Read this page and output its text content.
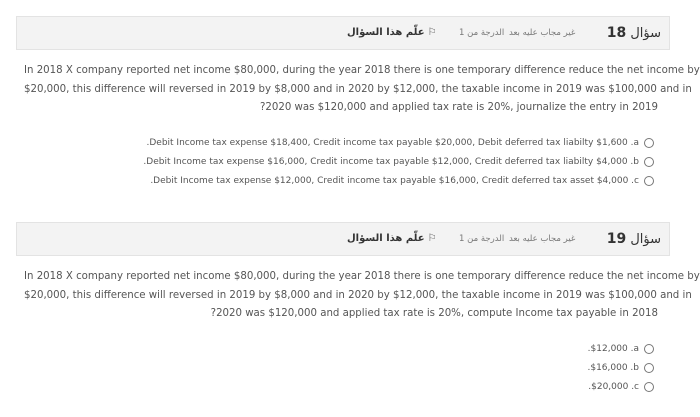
علّم هذا السؤال ⚐	الدرجة من 1 غير مجاب عليه بعد 18 سؤال
In 2018 X company reported net income $80,000, during the year 2018 there is one temporary difference reduce the net income by
$20,000, this difference will reversed in 2019 by $8,000 and in 2020 by $12,000, the taxable income in 2019 was $100,000 and in
?2020 was $120,000 and applied tax rate is 20%, journalize the entry in 2019
.Debit Income tax expense $18,400, Credit income tax payable $20,000, Debit deferred tax liabilty $1,600 .a
.Debit Income tax expense $16,000, Credit income tax payable $12,000, Credit deferred tax liabilty $4,000 .b
.Debit Income tax expense $12,000, Credit income tax payable $16,000, Credit deferred tax asset $4,000 .c
علّم هذا السؤال ⚐	الدرجة من 1 غير مجاب عليه بعد 19 سؤال
In 2018 X company reported net income $80,000, during the year 2018 there is one temporary difference reduce the net income by
$20,000, this difference will reversed in 2019 by $8,000 and in 2020 by $12,000, the taxable income in 2019 was $100,000 and in
?2020 was $120,000 and applied tax rate is 20%, compute Income tax payable in 2018
.$12,000 .a
.$16,000 .b
.$20,000 .c
